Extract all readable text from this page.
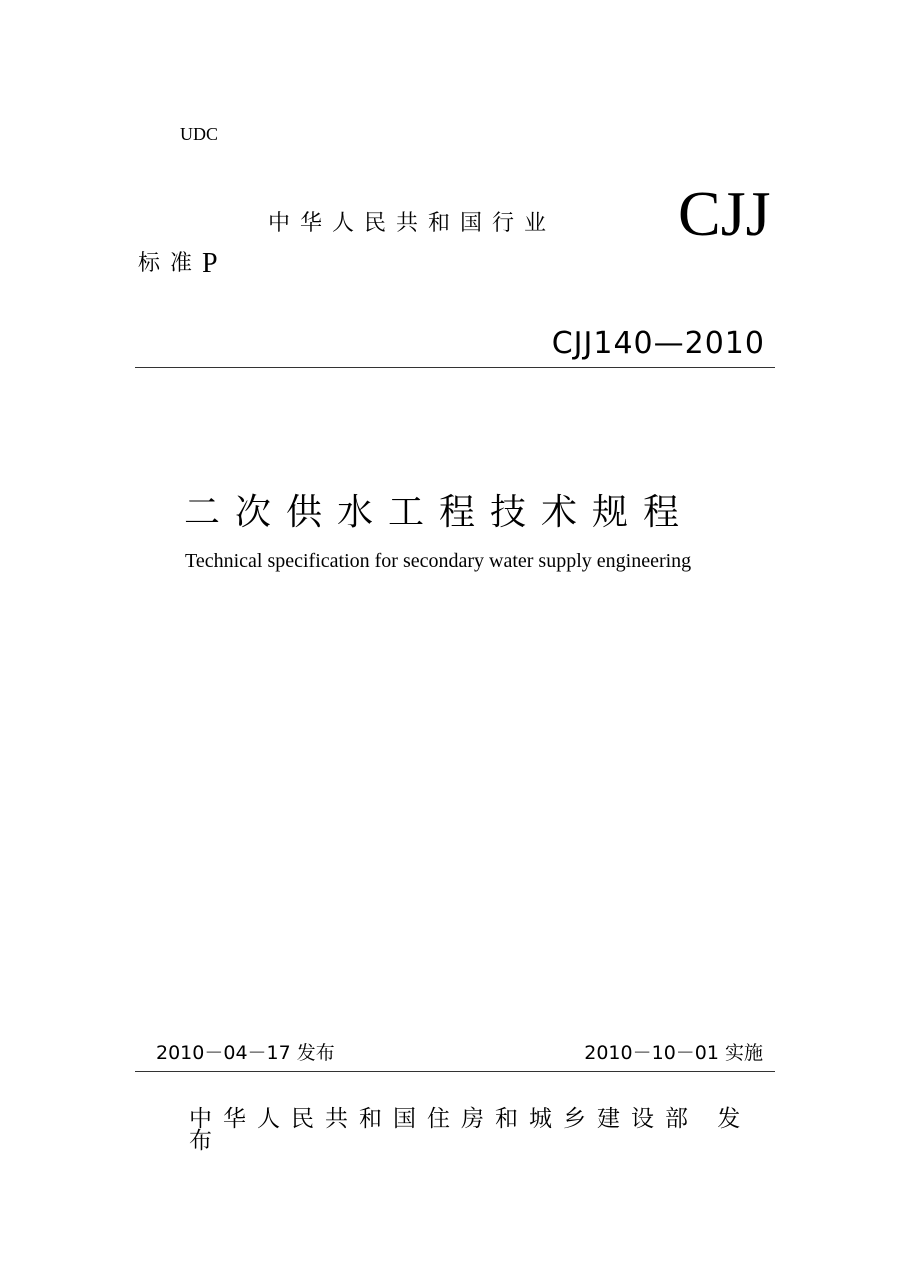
UDC
中华人民共和国行业
标准P
CJJ
CJJ140—2010
二次供水工程技术规程
Technical specification for secondary water supply engineering
2010－04－17 发布	2010－10－01 实施
中华人民共和国住房和城乡建设部 发布
